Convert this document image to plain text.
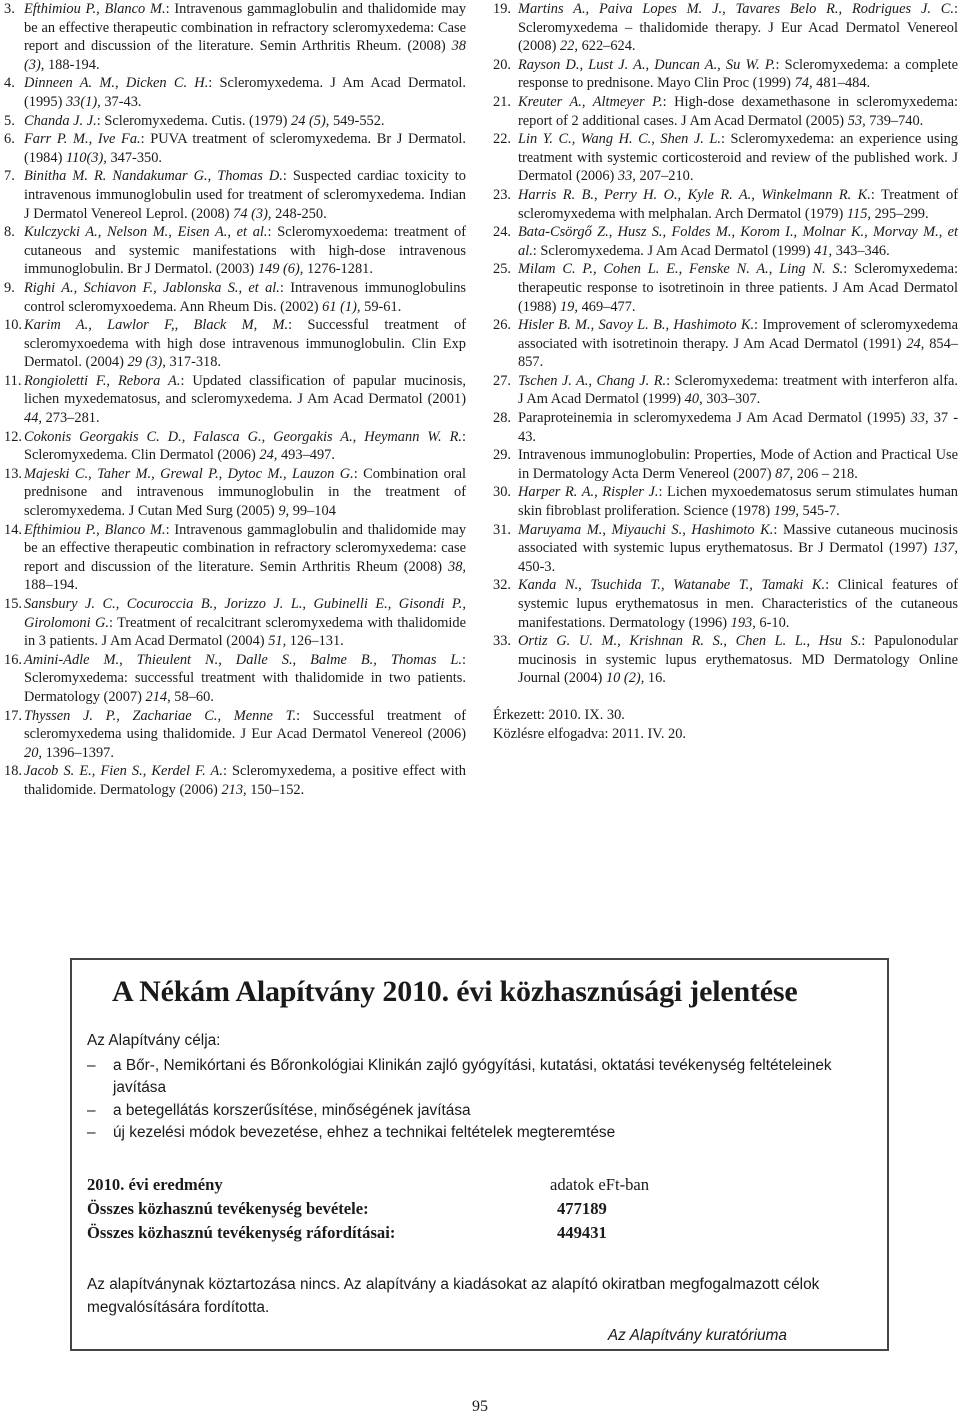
3. Efthimiou P., Blanco M.: Intravenous gammaglobulin and thalidomide may be an effective therapeutic combination in refractory scleromyxedema: Case report and discussion of the literature. Semin Arthritis Rheum. (2008) 38 (3), 188-194.
4. Dinneen A. M., Dicken C. H.: Scleromyxedema. J Am Acad Dermatol. (1995) 33(1), 37-43.
5. Chanda J. J.: Scleromyxedema. Cutis. (1979) 24 (5), 549-552.
6. Farr P. M., Ive Fa.: PUVA treatment of scleromyxedema. Br J Dermatol. (1984) 110(3), 347-350.
7. Binitha M. R. Nandakumar G., Thomas D.: Suspected cardiac toxicity to intravenous immunoglobulin used for treatment of scleromyxedema. Indian J Dermatol Venereol Leprol. (2008) 74 (3), 248-250.
8. Kulczycki A., Nelson M., Eisen A., et al.: Scleromyxoedema: treatment of cutaneous and systemic manifestations with high-dose intravenous immunoglobulin. Br J Dermatol. (2003) 149 (6), 1276-1281.
9. Righi A., Schiavon F., Jablonska S., et al.: Intravenous immunoglobulins control scleromyxoedema. Ann Rheum Dis. (2002) 61 (1), 59-61.
10. Karim A., Lawlor F,, Black M, M.: Successful treatment of scleromyxoedema with high dose intravenous immunoglobulin. Clin Exp Dermatol. (2004) 29 (3), 317-318.
11. Rongioletti F., Rebora A.: Updated classification of papular mucinosis, lichen myxedematosus, and scleromyxedema. J Am Acad Dermatol (2001) 44, 273–281.
12. Cokonis Georgakis C. D., Falasca G., Georgakis A., Heymann W. R.: Scleromyxedema. Clin Dermatol (2006) 24, 493–497.
13. Majeski C., Taher M., Grewal P., Dytoc M., Lauzon G.: Combination oral prednisone and intravenous immunoglobulin in the treatment of scleromyxedema. J Cutan Med Surg (2005) 9, 99–104
14. Efthimiou P., Blanco M.: Intravenous gammaglobulin and thalidomide may be an effective therapeutic combination in refractory scleromyxedema: case report and discussion of the literature. Semin Arthritis Rheum (2008) 38, 188–194.
15. Sansbury J. C., Cocuroccia B., Jorizzo J. L., Gubinelli E., Gisondi P., Girolomoni G.: Treatment of recalcitrant scleromyxedema with thalidomide in 3 patients. J Am Acad Dermatol (2004) 51, 126–131.
16. Amini-Adle M., Thieulent N., Dalle S., Balme B., Thomas L.: Scleromyxedema: successful treatment with thalidomide in two patients. Dermatology (2007) 214, 58–60.
17. Thyssen J. P., Zachariae C., Menne T.: Successful treatment of scleromyxedema using thalidomide. J Eur Acad Dermatol Venereol (2006) 20, 1396–1397.
18. Jacob S. E., Fien S., Kerdel F. A.: Scleromyxedema, a positive effect with thalidomide. Dermatology (2006) 213, 150–152.
19. Martins A., Paiva Lopes M. J., Tavares Belo R., Rodrigues J. C.: Scleromyxedema – thalidomide therapy. J Eur Acad Dermatol Venereol (2008) 22, 622–624.
20. Rayson D., Lust J. A., Duncan A., Su W. P.: Scleromyxedema: a complete response to prednisone. Mayo Clin Proc (1999) 74, 481–484.
21. Kreuter A., Altmeyer P.: High-dose dexamethasone in scleromyxedema: report of 2 additional cases. J Am Acad Dermatol (2005) 53, 739–740.
22. Lin Y. C., Wang H. C., Shen J. L.: Scleromyxedema: an experience using treatment with systemic corticosteroid and review of the published work. J Dermatol (2006) 33, 207–210.
23. Harris R. B., Perry H. O., Kyle R. A., Winkelmann R. K.: Treatment of scleromyxedema with melphalan. Arch Dermatol (1979) 115, 295–299.
24. Bata-Csörgő Z., Husz S., Foldes M., Korom I., Molnar K., Morvay M., et al.: Scleromyxedema. J Am Acad Dermatol (1999) 41, 343–346.
25. Milam C. P., Cohen L. E., Fenske N. A., Ling N. S.: Scleromyxedema: therapeutic response to isotretinoin in three patients. J Am Acad Dermatol (1988) 19, 469–477.
26. Hisler B. M., Savoy L. B., Hashimoto K.: Improvement of scleromyxedema associated with isotretinoin therapy. J Am Acad Dermatol (1991) 24, 854–857.
27. Tschen J. A., Chang J. R.: Scleromyxedema: treatment with interferon alfa. J Am Acad Dermatol (1999) 40, 303–307.
28. Paraproteinemia in scleromyxedema J Am Acad Dermatol (1995) 33, 37 - 43.
29. Intravenous immunoglobulin: Properties, Mode of Action and Practical Use in Dermatology Acta Derm Venereol (2007) 87, 206 – 218.
30. Harper R. A., Rispler J.: Lichen myxoedematosus serum stimulates human skin fibroblast proliferation. Science (1978) 199, 545-7.
31. Maruyama M., Miyauchi S., Hashimoto K.: Massive cutaneous mucinosis associated with systemic lupus erythematosus. Br J Dermatol (1997) 137, 450-3.
32. Kanda N., Tsuchida T., Watanabe T., Tamaki K.: Clinical features of systemic lupus erythematosus in men. Characteristics of the cutaneous manifestations. Dermatology (1996) 193, 6-10.
33. Ortiz G. U. M., Krishnan R. S., Chen L. L., Hsu S.: Papulonodular mucinosis in systemic lupus erythematosus. MD Dermatology Online Journal (2004) 10 (2), 16.
Érkezett: 2010. IX. 30.
Közlésre elfogadva: 2011. IV. 20.
A Nékám Alapítvány 2010. évi közhasznúsági jelentése
Az Alapítvány célja:
– a Bőr-, Nemikórtani és Bőronkológiai Klinikán zajló gyógyítási, kutatási, oktatási tevékenység feltételeinek javítása
– a betegellátás korszerűsítése, minőségének javítása
– új kezelési módok bevezetése, ehhez a technikai feltételek megteremtése
2010. évi eredmény	adatok eFt-ban
Összes közhasznú tevékenység bevétele:	477189
Összes közhasznú tevékenység ráfordításai:	449431
Az alapítványnak köztartozása nincs. Az alapítvány a kiadásokat az alapító okiratban megfogalmazott célok megvalósítására fordította.
Az Alapítvány kuratóriuma
95
